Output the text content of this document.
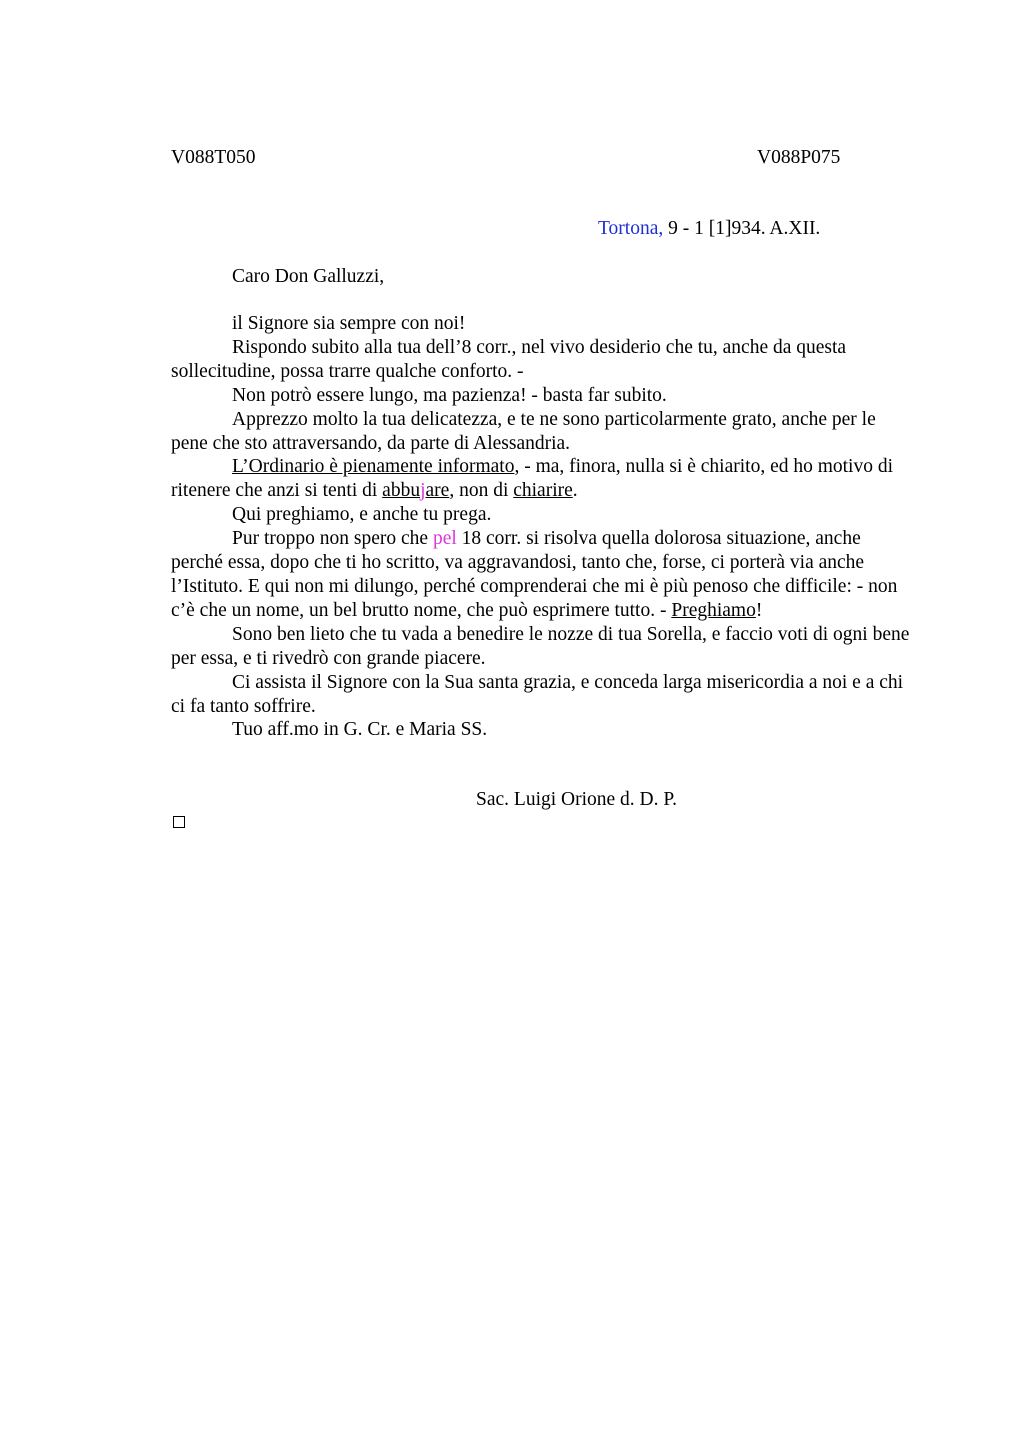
V088T050	V088P075
Tortona, 9 - 1 [1]934. A.XII.
Caro Don Galluzzi,

il Signore sia sempre con noi!

Rispondo subito alla tua dell’8 corr., nel vivo desiderio che tu, anche da questa sollecitudine, possa trarre qualche conforto. -

Non potrò essere lungo, ma pazienza! - basta far subito.

Apprezzo molto la tua delicatezza, e te ne sono particolarmente grato, anche per le pene che sto attraversando, da parte di Alessandria.

L’Ordinario è pienamente informato, - ma, finora, nulla si è chiarito, ed ho motivo di ritenere che anzi si tenti di abbujare, non di chiarire.

Qui preghiamo, e anche tu prega.

Pur troppo non spero che pel 18 corr. si risolva quella dolorosa situazione, anche perché essa, dopo che ti ho scritto, va aggravandosi, tanto che, forse, ci porterà via anche l’Istituto. E qui non mi dilungo, perché comprenderai che mi è più penoso che difficile: - non c’è che un nome, un bel brutto nome, che può esprimere tutto. - Preghiamo!

Sono ben lieto che tu vada a benedire le nozze di tua Sorella, e faccio voti di ogni bene per essa, e ti rivedrò con grande piacere.

Ci assista il Signore con la Sua santa grazia, e conceda larga misericordia a noi e a chi ci fa tanto soffrire.

Tuo aff.mo in G. Cr. e Maria SS.

Sac. Luigi Orione d. D. P.
